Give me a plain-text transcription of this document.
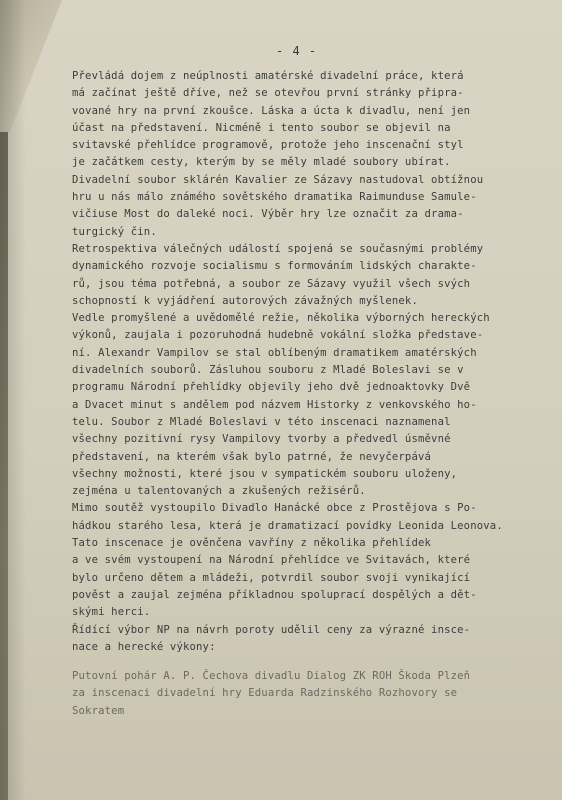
- 4 -
Převládá dojem z neúplnosti amatérské divadelní práce, která
má začínat ještě dříve, než se otevřou první stránky připra-
vované hry na první zkoušce. Láska a úcta k divadlu, není jen
účast na představení. Nicméně i tento soubor se objevil na
svitavské přehlídce programově, protože jeho inscenační styl
je začátkem cesty, kterým by se měly mladé soubory ubírat.
Divadelní soubor sklárén Kavalier ze Sázavy nastudoval obtížnou
hru u nás málo známého sovětského dramatika Raimunduse Samule-
vičiuse Most do daleké noci. Výběr hry lze označit za drama-
turgický čin.
Retrospektiva válečných událostí spojená se současnými problémy
dynamického rozvoje socialismu s formováním lidských charakte-
rů, jsou téma potřebná, a soubor ze Sázavy využil všech svých
schopností k vyjádření autorových závažných myšlenek.
Vedle promyšlené a uvědomělé režie, několika výborných hereckých
výkonů, zaujala i pozoruhodná hudebně vokální složka představe-
ní. Alexandr Vampilov se stal oblíbeným dramatikem amatérských
divadelních souborů. Zásluhou souboru z Mladé Boleslavi se v
programu Národní přehlídky objevily jeho dvě jednoaktovky Dvě
a Dvacet minut s andělem pod názvem Historky z venkovského ho-
telu. Soubor z Mladé Boleslavi v této inscenaci naznamenal
všechny pozitivní rysy Vampilovy tvorby a předvedl úsměvné
představení, na kterém však bylo patrné, že nevyčerpává
všechny možnosti, které jsou v sympatickém souboru uloženy,
zejména u talentovaných a zkušených režisérů.
Mimo soutěž vystoupilo Divadlo Hanácké obce z Prostějova s Po-
hádkou starého lesa, která je dramatizací povídky Leonida Leonova.
Tato inscenace je ověnčena vavříny z několika přehlídek
a ve svém vystoupení na Národní přehlídce ve Svitavách, které
bylo určeno dětem a mládeži, potvrdil soubor svoji vynikající
pověst a zaujal zejména příkladnou spoluprací dospělých a dět-
skými herci.
Řídící výbor NP na návrh poroty udělil ceny za výrazné insce-
nace a herecké výkony:
Putovní pohár A. P. Čechova divadlu Dialog ZK ROH Škoda Plzeň
za inscenaci divadelní hry Eduarda Radzinského Rozhovory se
Sokratem
